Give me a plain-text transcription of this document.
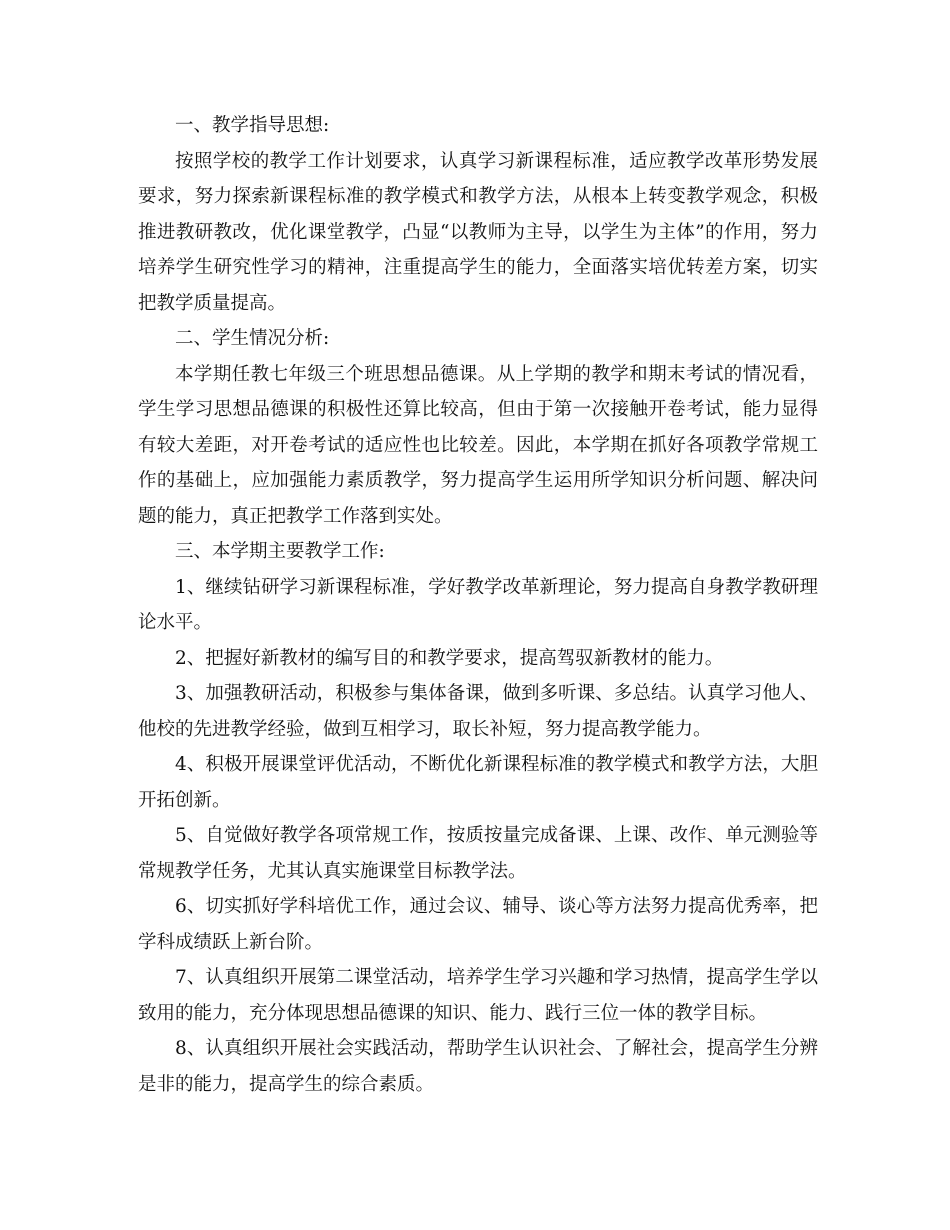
一、教学指导思想:

按照学校的教学工作计划要求，认真学习新课程标准，适应教学改革形势发展要求，努力探索新课程标准的教学模式和教学方法，从根本上转变教学观念，积极推进教研教改，优化课堂教学，凸显“以教师为主导，以学生为主体”的作用，努力培养学生研究性学习的精神，注重提高学生的能力，全面落实培优转差方案，切实把教学质量提高。

二、学生情况分析:

本学期任教七年级三个班思想品德课。从上学期的教学和期末考试的情况看，学生学习思想品德课的积极性还算比较高，但由于第一次接触开卷考试，能力显得有较大差距，对开卷考试的适应性也比较差。因此，本学期在抓好各项教学常规工作的基础上，应加强能力素质教学，努力提高学生运用所学知识分析问题、解决问题的能力，真正把教学工作落到实处。

三、本学期主要教学工作:

1、继续钻研学习新课程标准，学好教学改革新理论，努力提高自身教学教研理论水平。

2、把握好新教材的编写目的和教学要求，提高驾驭新教材的能力。

3、加强教研活动，积极参与集体备课，做到多听课、多总结。认真学习他人、他校的先进教学经验，做到互相学习，取长补短，努力提高教学能力。

4、积极开展课堂评优活动，不断优化新课程标准的教学模式和教学方法，大胆开拓创新。

5、自觉做好教学各项常规工作，按质按量完成备课、上课、改作、单元测验等常规教学任务，尤其认真实施课堂目标教学法。

6、切实抓好学科培优工作，通过会议、辅导、谈心等方法努力提高优秀率，把学科成绩跃上新台阶。

7、认真组织开展第二课堂活动，培养学生学习兴趣和学习热情，提高学生学以致用的能力，充分体现思想品德课的知识、能力、践行三位一体的教学目标。

8、认真组织开展社会实践活动，帮助学生认识社会、了解社会，提高学生分辨是非的能力，提高学生的综合素质。
